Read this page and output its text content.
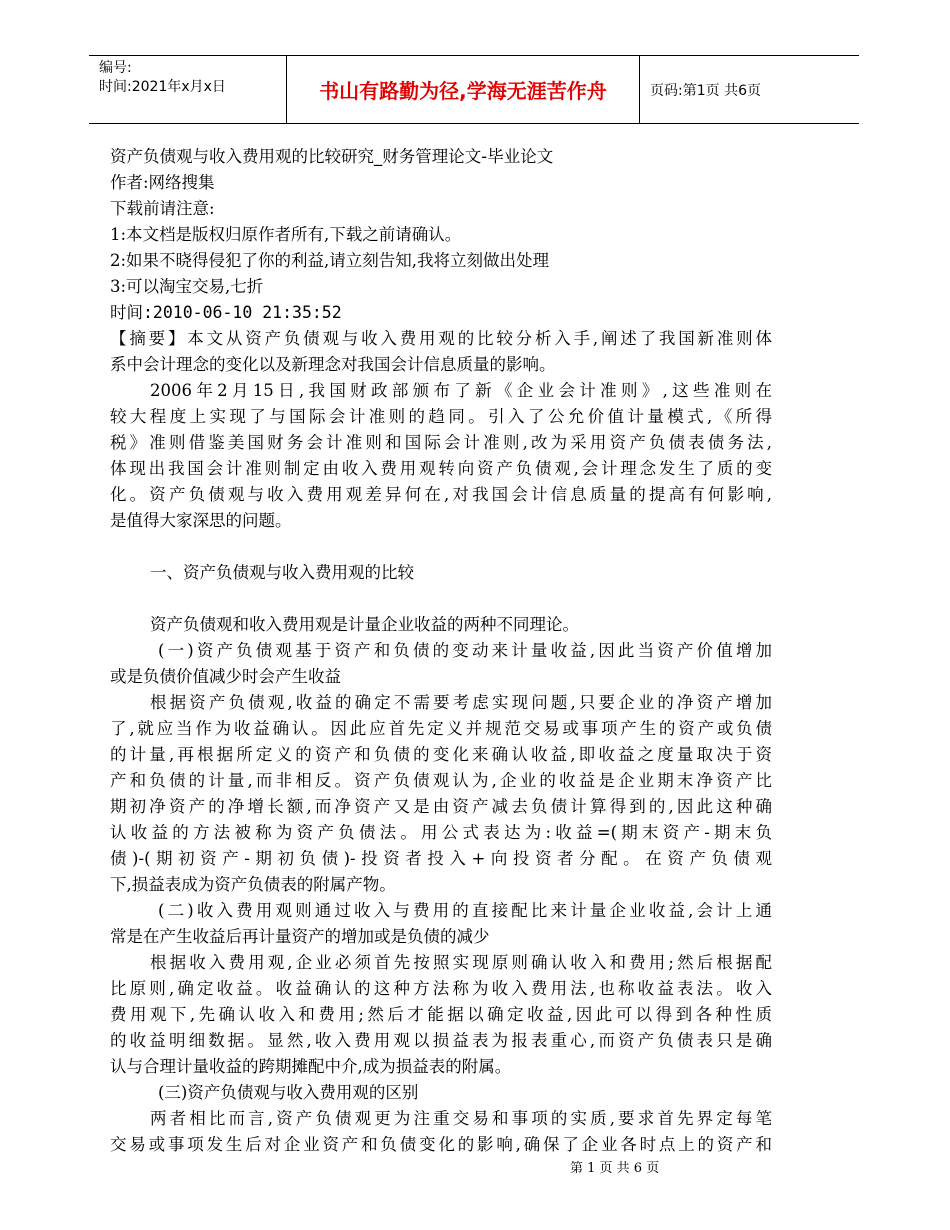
编号:
时间:2021年x月x日	书山有路勤为径,学海无涯苦作舟	页码:第1页 共6页
资产负债观与收入费用观的比较研究_财务管理论文-毕业论文
作者:网络搜集
下载前请注意:
1:本文档是版权归原作者所有,下载之前请确认。
2:如果不晓得侵犯了你的利益,请立刻告知,我将立刻做出处理
3:可以淘宝交易,七折
时间:2010-06-10 21:35:52
【摘要】本文从资产负债观与收入费用观的比较分析入手,阐述了我国新准则体
系中会计理念的变化以及新理念对我国会计信息质量的影响。
2006年2月15日,我国财政部颁布了新《企业会计准则》,这些准则在
较大程度上实现了与国际会计准则的趋同。引入了公允价值计量模式,《所得
税》准则借鉴美国财务会计准则和国际会计准则,改为采用资产负债表债务法,
体现出我国会计准则制定由收入费用观转向资产负债观,会计理念发生了质的变
化。资产负债观与收入费用观差异何在,对我国会计信息质量的提高有何影响,
是值得大家深思的问题。
一、资产负债观与收入费用观的比较
资产负债观和收入费用观是计量企业收益的两种不同理论。
(一)资产负债观基于资产和负债的变动来计量收益,因此当资产价值增加
或是负债价值减少时会产生收益
根据资产负债观,收益的确定不需要考虑实现问题,只要企业的净资产增加
了,就应当作为收益确认。因此应首先定义并规范交易或事项产生的资产或负债
的计量,再根据所定义的资产和负债的变化来确认收益,即收益之度量取决于资
产和负债的计量,而非相反。资产负债观认为,企业的收益是企业期末净资产比
期初净资产的净增长额,而净资产又是由资产减去负债计算得到的,因此这种确
认收益的方法被称为资产负债法。用公式表达为:收益=(期末资产-期末负
债)-(期初资产-期初负债)-投资者投入+向投资者分配。在资产负债观
下,损益表成为资产负债表的附属产物。
(二)收入费用观则通过收入与费用的直接配比来计量企业收益,会计上通
常是在产生收益后再计量资产的增加或是负债的减少
根据收入费用观,企业必须首先按照实现原则确认收入和费用;然后根据配
比原则,确定收益。收益确认的这种方法称为收入费用法,也称收益表法。收入
费用观下,先确认收入和费用;然后才能据以确定收益,因此可以得到各种性质
的收益明细数据。显然,收入费用观以损益表为报表重心,而资产负债表只是确
认与合理计量收益的跨期摊配中介,成为损益表的附属。
(三)资产负债观与收入费用观的区别
两者相比而言,资产负债观更为注重交易和事项的实质,要求首先界定每笔
交易或事项发生后对企业资产和负债变化的影响,确保了企业各时点上的资产和
第 1 页 共 6 页
